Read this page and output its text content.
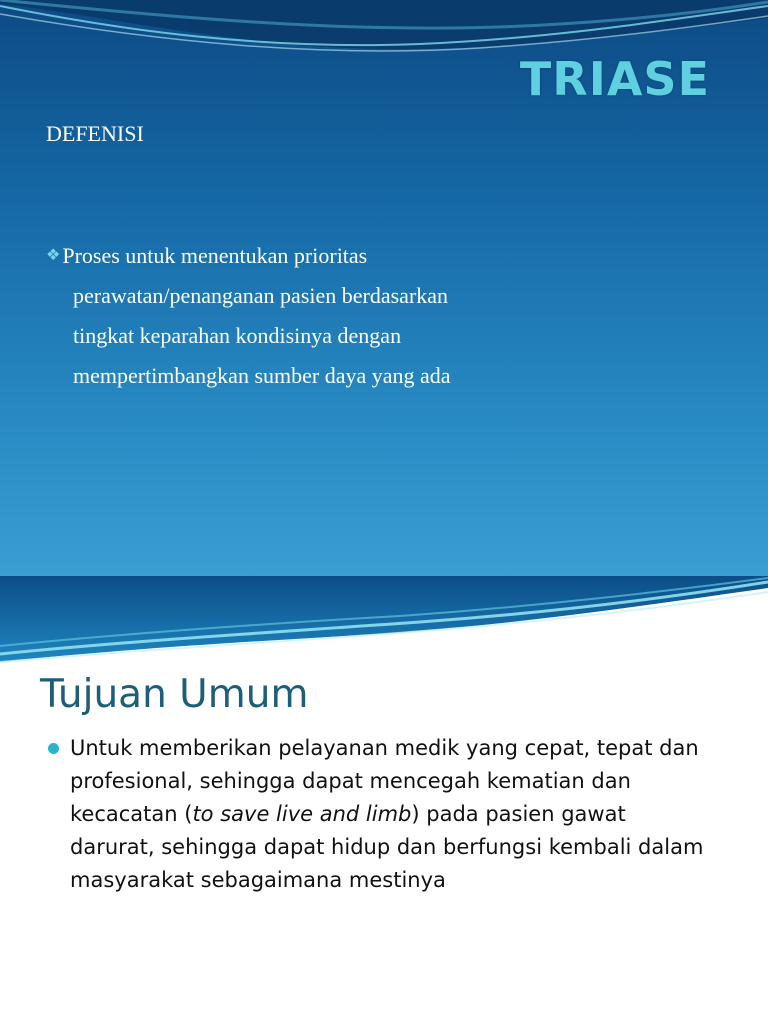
TRIASE
DEFENISI
❖ Proses untuk menentukan prioritas
perawatan/penanganan pasien berdasarkan
tingkat keparahan kondisinya dengan
mempertimbangkan sumber daya yang ada
Tujuan Umum
Untuk memberikan pelayanan medik yang cepat, tepat dan profesional, sehingga dapat mencegah kematian dan kecacatan (to save live and limb) pada pasien gawat darurat, sehingga dapat hidup dan berfungsi kembali dalam masyarakat sebagaimana mestinya
